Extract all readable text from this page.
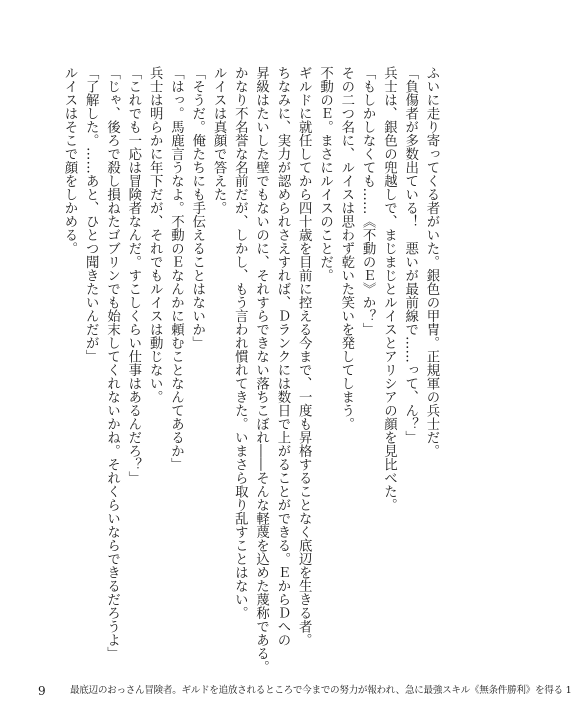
ふいに走り寄ってくる者がいた。銀色の甲冑。正規軍の兵士だ。
「負傷者が多数出ている！　悪いが最前線で……って、ん？」
兵士は、銀色の兜越しで、まじまじとルイスとアリシアの顔を見比べた。
「もしかしなくても……《不動のＥ》か？」
その二つ名に、ルイスは思わず乾いた笑いを発してしまう。
不動のＥ。まさにルイスのことだ。
ギルドに就任してから四十歳を目前に控える今まで、一度も昇格することなく底辺を生きる者。
ちなみに、実力が認められさえすれば、Ｄランクには数日で上がることができる。ＥからＤへの
昇級はたいした壁でもないのに、それすらできない落ちこぼれ――そんな軽蔑を込めた蔑称である。
かなり不名誉な名前だが、しかし、もう言われ慣れてきた。いまさら取り乱すことはない。
ルイスは真顔で答えた。
「そうだ。俺たちにも手伝えることはないか」
「はっ。馬鹿言うなよ。不動のＥなんかに頼むことなんてあるか」
兵士は明らかに年下だが、それでもルイスは動じない。
「これでも一応は冒険者なんだ。すこしくらい仕事はあるんだろ？」
「じゃ、後ろで殺し損ねたゴブリンでも始末してくれないかね。それくらいならできるだろうよ」
「了解した。……あと、ひとつ聞きたいんだが」
ルイスはそこで顔をしかめる。
9	最底辺のおっさん冒険者。ギルドを追放されるところで今までの努力が報われ、急に最強スキル《無条件勝利》を得る 1
